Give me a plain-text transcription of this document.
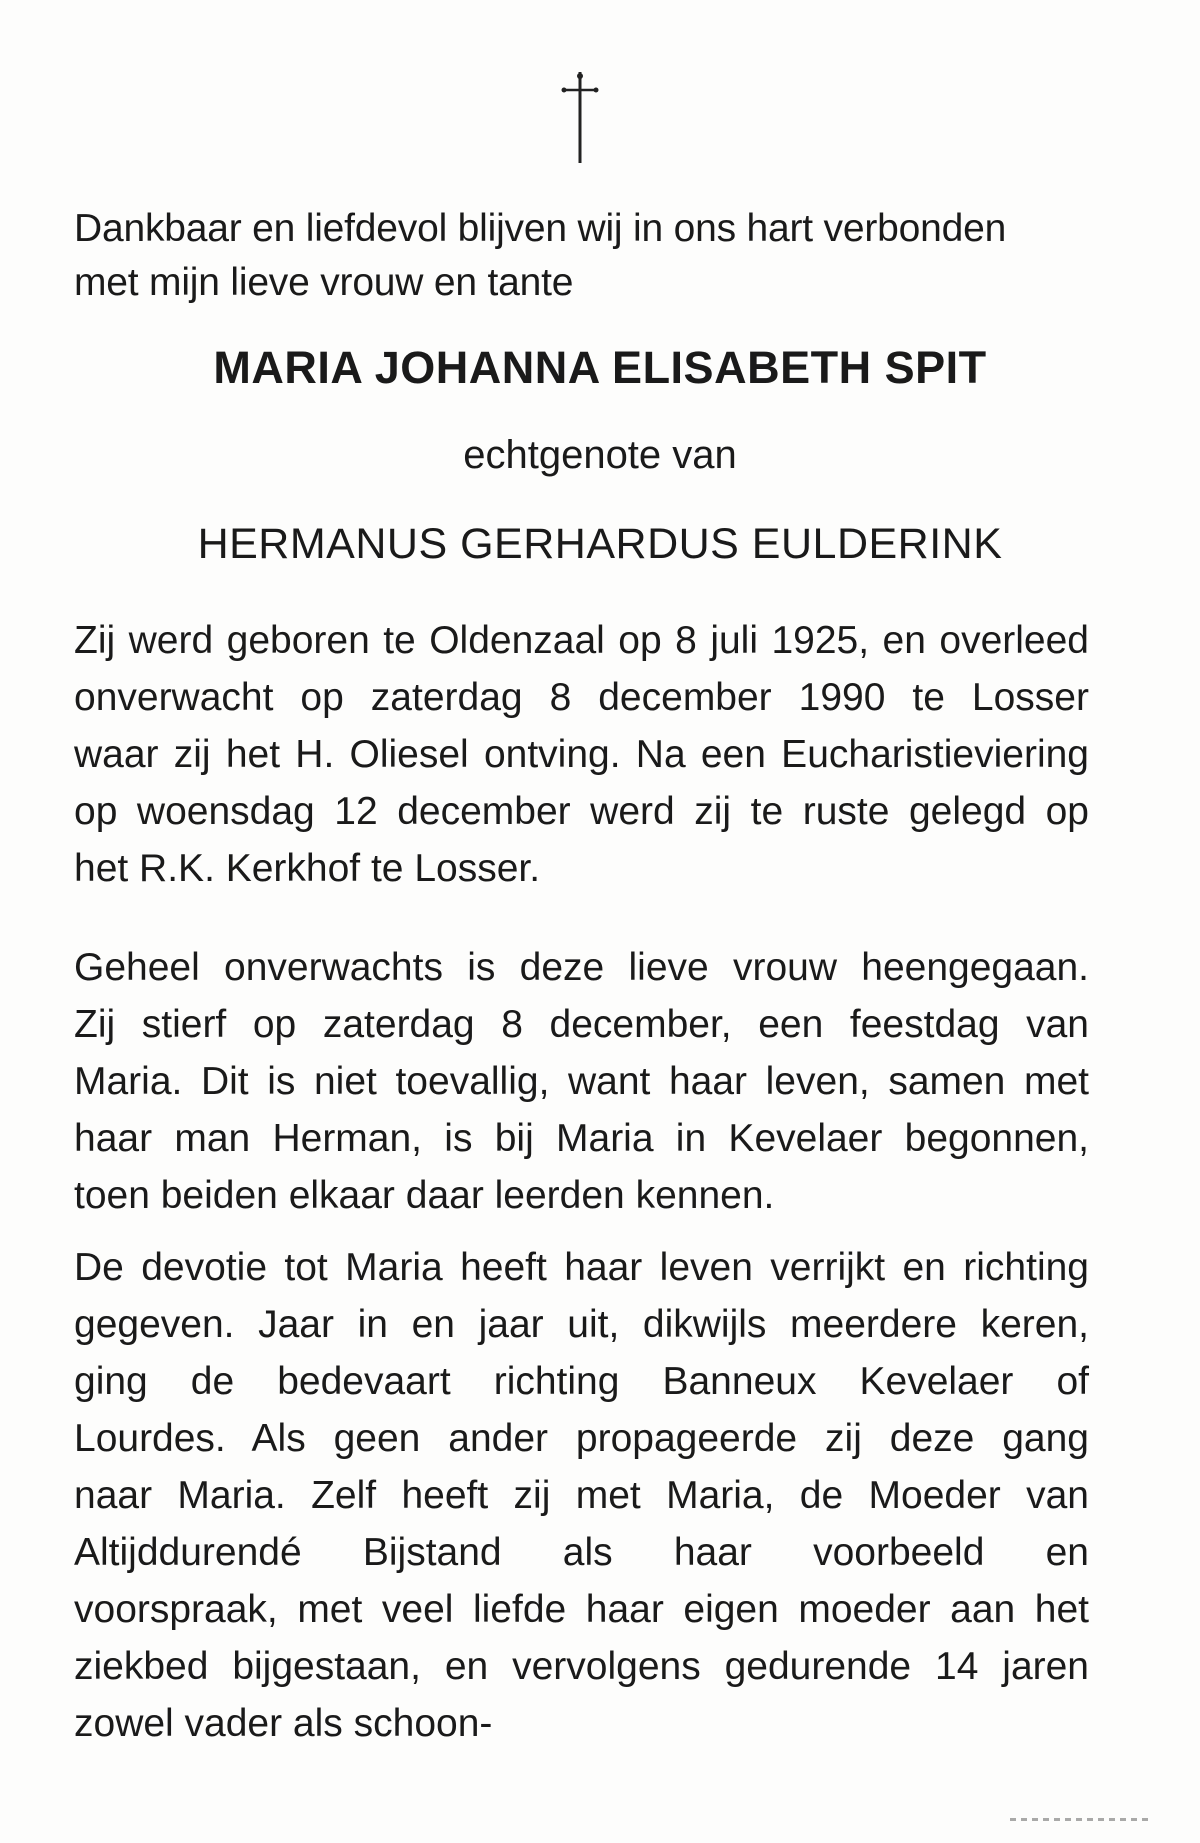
Dankbaar en liefdevol blijven wij in ons hart verbonden
met mijn lieve vrouw en tante
MARIA JOHANNA ELISABETH SPIT
echtgenote van
HERMANUS GERHARDUS EULDERINK
Zij werd geboren te Oldenzaal op 8 juli 1925, en overleed
onverwacht op zaterdag 8 december 1990 te Losser
waar zij het H. Oliesel ontving. Na een Eucharistieviering
op woensdag 12 december werd zij te ruste gelegd op
het R.K. Kerkhof te Losser.
Geheel onverwachts is deze lieve vrouw heengegaan.
Zij stierf op zaterdag 8 december, een feestdag van
Maria. Dit is niet toevallig, want haar leven, samen met
haar man Herman, is bij Maria in Kevelaer begonnen,
toen beiden elkaar daar leerden kennen.
De devotie tot Maria heeft haar leven verrijkt en richting
gegeven. Jaar in en jaar uit, dikwijls meerdere keren,
ging de bedevaart richting Banneux Kevelaer of
Lourdes. Als geen ander propageerde zij deze gang
naar Maria. Zelf heeft zij met Maria, de Moeder van
Altijddurendé Bijstand als haar voorbeeld en
voorspraak, met veel liefde haar eigen moeder aan het
ziekbed bijgestaan, en vervolgens gedurende 14 jaren
zowel vader als schoon-
